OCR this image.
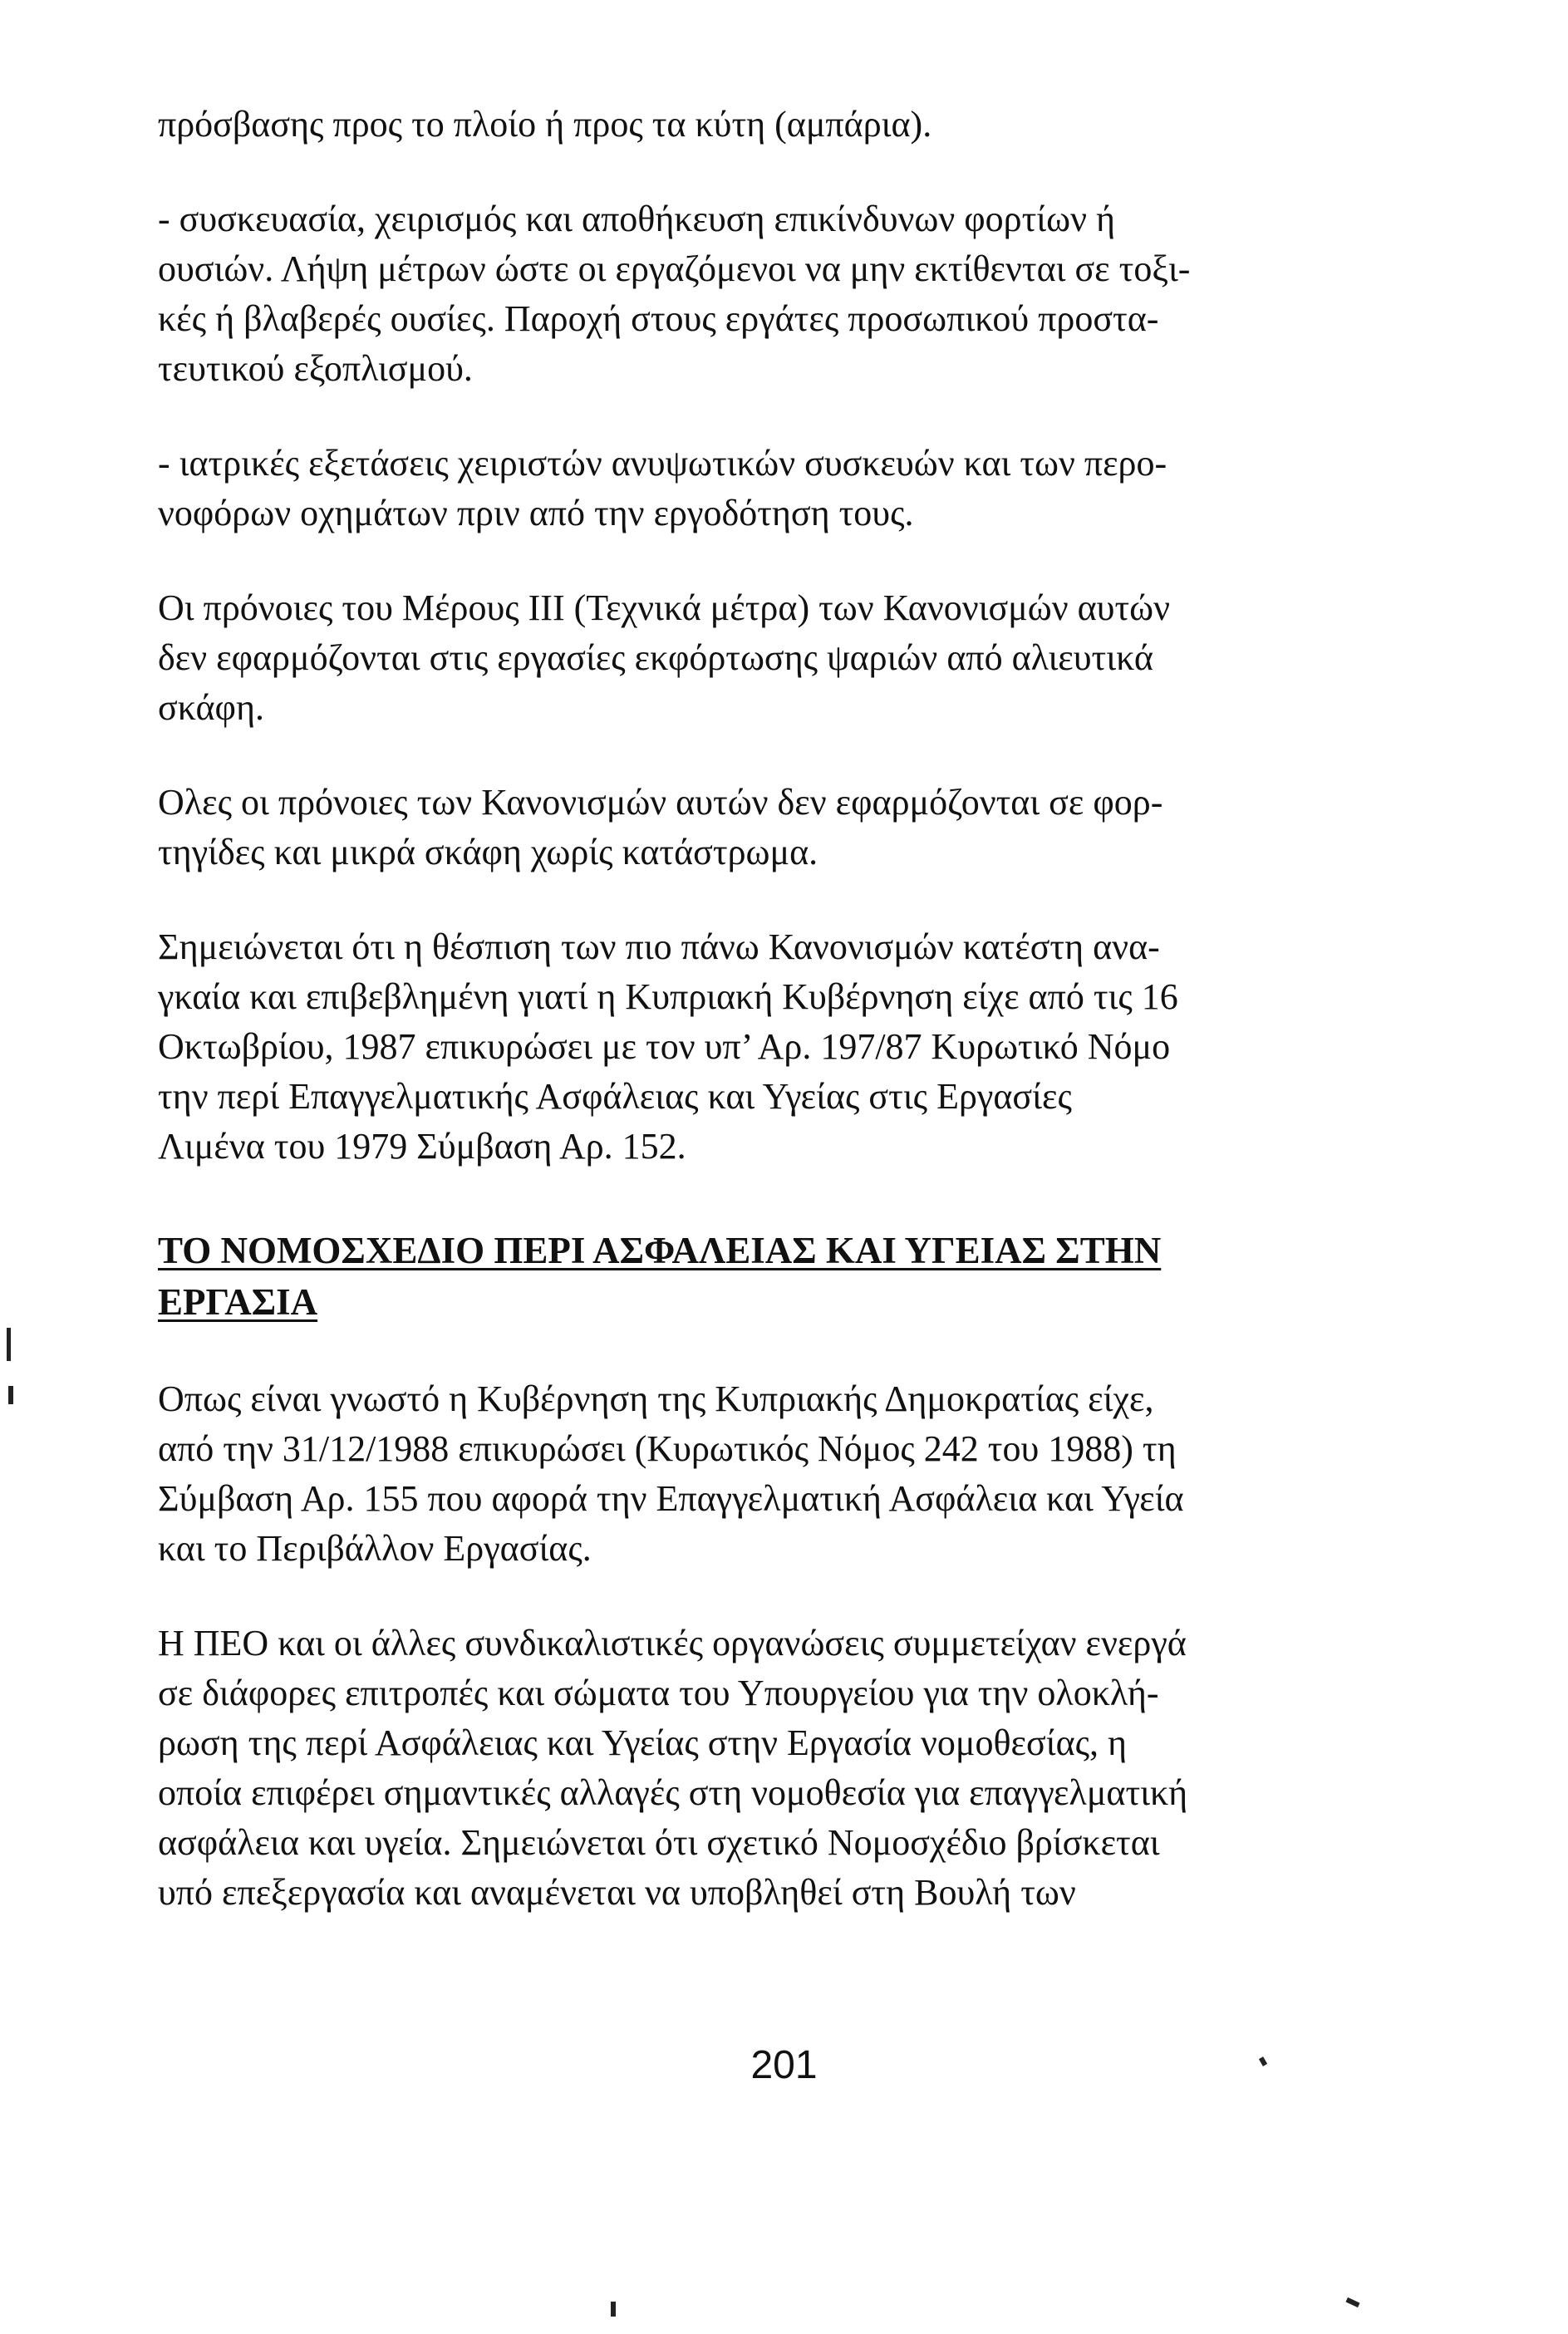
πρόσβασης προς το πλοίο ή προς τα κύτη (αμπάρια).

- συσκευασία, χειρισμός και αποθήκευση επικίνδυνων φορτίων ή
ουσιών. Λήψη μέτρων ώστε οι εργαζόμενοι να μην εκτίθενται σε τοξι-
κές ή βλαβερές ουσίες. Παροχή στους εργάτες προσωπικού προστα-
τευτικού εξοπλισμού.

- ιατρικές εξετάσεις χειριστών ανυψωτικών συσκευών και των περο-
νοφόρων οχημάτων πριν από την εργοδότηση τους.

Οι πρόνοιες του Μέρους ΙΙΙ (Τεχνικά μέτρα) των Κανονισμών αυτών
δεν εφαρμόζονται στις εργασίες εκφόρτωσης ψαριών από αλιευτικά
σκάφη.

Ολες οι πρόνοιες των Κανονισμών αυτών δεν εφαρμόζονται σε φορ-
τηγίδες και μικρά σκάφη χωρίς κατάστρωμα.

Σημειώνεται ότι η θέσπιση των πιο πάνω Κανονισμών κατέστη ανα-
γκαία και επιβεβλημένη γιατί η Κυπριακή Κυβέρνηση είχε από τις 16
Οκτωβρίου, 1987 επικυρώσει με τον υπ’ Αρ. 197/87 Κυρωτικό Νόμο
την περί Επαγγελματικής Ασφάλειας και Υγείας στις Εργασίες
Λιμένα του 1979 Σύμβαση Αρ. 152.

ΤΟ ΝΟΜΟΣΧΕΔΙΟ ΠΕΡΙ ΑΣΦΑΛΕΙΑΣ ΚΑΙ ΥΓΕΙΑΣ ΣΤΗΝ
ΕΡΓΑΣΙΑ

Οπως είναι γνωστό η Κυβέρνηση της Κυπριακής Δημοκρατίας είχε,
από την 31/12/1988 επικυρώσει (Κυρωτικός Νόμος 242 του 1988) τη
Σύμβαση Αρ. 155 που αφορά την Επαγγελματική Ασφάλεια και Υγεία
και το Περιβάλλον Εργασίας.

Η ΠΕΟ και οι άλλες συνδικαλιστικές οργανώσεις συμμετείχαν ενεργά
σε διάφορες επιτροπές και σώματα του Υπουργείου για την ολοκλή-
ρωση της περί Ασφάλειας και Υγείας στην Εργασία νομοθεσίας, η
οποία επιφέρει σημαντικές αλλαγές στη νομοθεσία για επαγγελματική
ασφάλεια και υγεία. Σημειώνεται ότι σχετικό Νομοσχέδιο βρίσκεται
υπό επεξεργασία και αναμένεται να υποβληθεί στη Βουλή των

201
